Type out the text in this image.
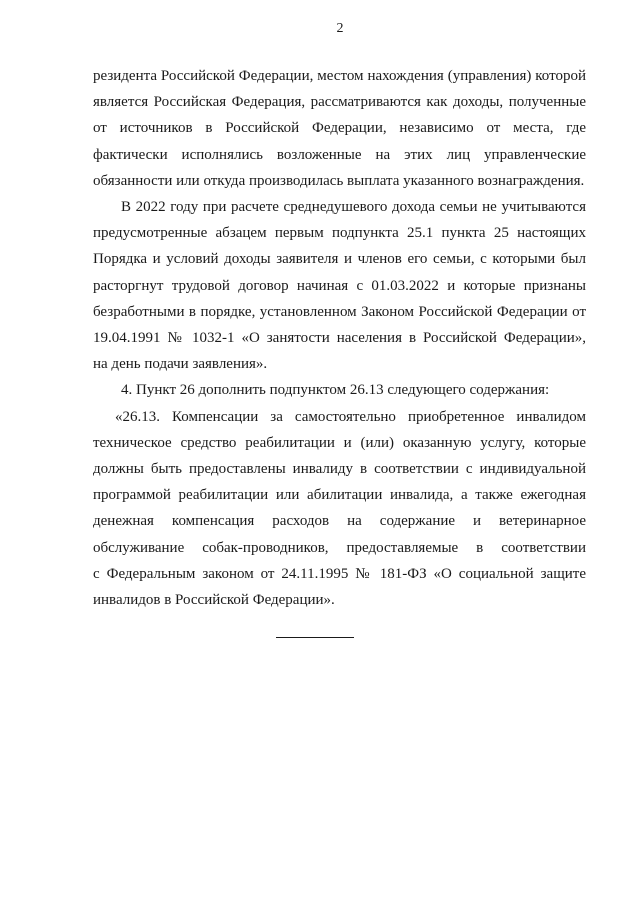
2
резидента Российской Федерации, местом нахождения (управления) которой
является Российская Федерация, рассматриваются как доходы, полученные
от источников в Российской Федерации, независимо от места, где
фактически исполнялись возложенные на этих лиц управленческие
обязанности или откуда производилась выплата указанного вознаграждения.
В 2022 году при расчете среднедушевого дохода семьи не учитываются
предусмотренные абзацем первым подпункта 25.1 пункта 25 настоящих
Порядка и условий доходы заявителя и членов его семьи, с которыми был
расторгнут трудовой договор начиная с 01.03.2022 и которые признаны
безработными в порядке, установленном Законом Российской Федерации от
19.04.1991 № 1032-1 «О занятости населения в Российской Федерации»,
на день подачи заявления».
4. Пункт 26 дополнить подпунктом 26.13 следующего содержания:
«26.13. Компенсации за самостоятельно приобретенное инвалидом
техническое средство реабилитации и (или) оказанную услугу, которые
должны быть предоставлены инвалиду в соответствии с индивидуальной
программой реабилитации или абилитации инвалида, а также ежегодная
денежная компенсация расходов на содержание и ветеринарное
обслуживание собак-проводников, предоставляемые в соответствии
с Федеральным законом от 24.11.1995 № 181-ФЗ «О социальной защите
инвалидов в Российской Федерации».
